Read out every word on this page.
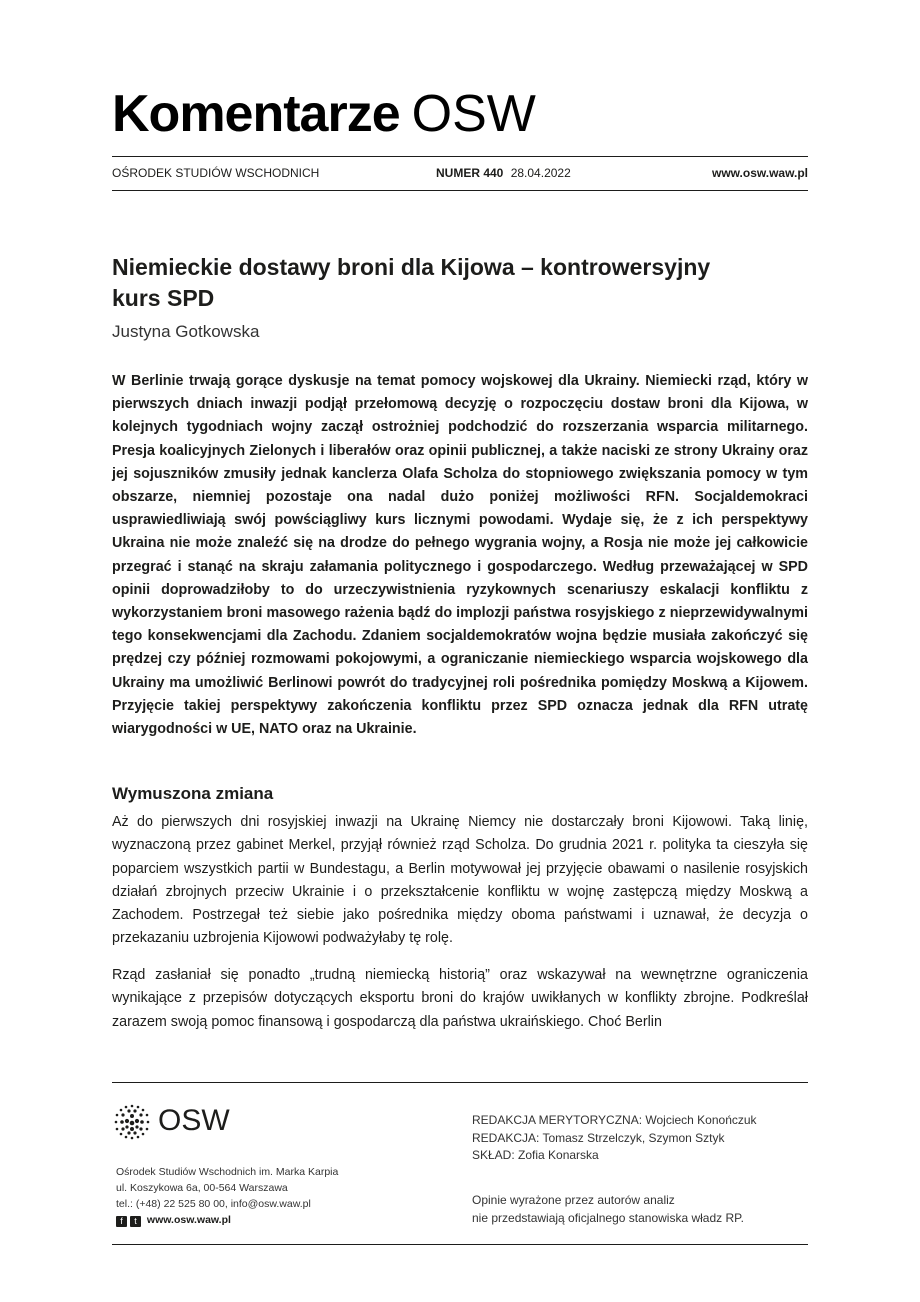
Komentarze OSW
OŚRODEK STUDIÓW WSCHODNICH	NUMER 440 28.04.2022	www.osw.waw.pl
Niemieckie dostawy broni dla Kijowa – kontrowersyjny kurs SPD
Justyna Gotkowska

W Berlinie trwają gorące dyskusje na temat pomocy wojskowej dla Ukrainy. Niemiecki rząd, który w pierwszych dniach inwazji podjął przełomową decyzję o rozpoczęciu dostaw broni dla Kijowa, w kolejnych tygodniach wojny zaczął ostrożniej podchodzić do rozszerzania wsparcia militarnego. Presja koalicyjnych Zielonych i liberałów oraz opinii publicznej, a także naciski ze strony Ukrainy oraz jej sojuszników zmusiły jednak kanclerza Olafa Scholza do stopniowego zwiększania pomocy w tym obszarze, niemniej pozostaje ona nadal dużo poniżej możliwości RFN. Socjaldemokraci usprawiedliwiają swój powściągliwy kurs licznymi powodami. Wydaje się, że z ich perspektywy Ukraina nie może znaleźć się na drodze do pełnego wygrania wojny, a Rosja nie może jej całkowicie przegrać i stanąć na skraju załamania politycznego i gospodarczego. Według przeważającej w SPD opinii doprowadziłoby to do urzeczywistnienia ryzykownych scenariuszy eskalacji konfliktu z wykorzystaniem broni masowego rażenia bądź do implozji państwa rosyjskiego z nieprzewidywalnymi tego konsekwencjami dla Zachodu. Zdaniem socjaldemokratów wojna będzie musiała zakończyć się prędzej czy później rozmowami pokojowymi, a ograniczanie niemieckiego wsparcia wojskowego dla Ukrainy ma umożliwić Berlinowi powrót do tradycyjnej roli pośrednika pomiędzy Moskwą a Kijowem. Przyjęcie takiej perspektywy zakończenia konfliktu przez SPD oznacza jednak dla RFN utratę wiarygodności w UE, NATO oraz na Ukrainie.

Wymuszona zmiana

Aż do pierwszych dni rosyjskiej inwazji na Ukrainę Niemcy nie dostarczały broni Kijowowi. Taką linię, wyznaczoną przez gabinet Merkel, przyjął również rząd Scholza. Do grudnia 2021 r. polityka ta cieszyła się poparciem wszystkich partii w Bundestagu, a Berlin motywował jej przyjęcie obawami o nasilenie rosyjskich działań zbrojnych przeciw Ukrainie i o przekształcenie konfliktu w wojnę zastępczą między Moskwą a Zachodem. Postrzegał też siebie jako pośrednika między oboma państwami i uznawał, że decyzja o przekazaniu uzbrojenia Kijowowi podważyłaby tę rolę.

Rząd zasłaniał się ponadto „trudną niemiecką historią” oraz wskazywał na wewnętrzne ograniczenia wynikające z przepisów dotyczących eksportu broni do krajów uwikłanych w konflikty zbrojne. Podkreślał zarazem swoją pomoc finansową i gospodarczą dla państwa ukraińskiego. Choć Berlin

OSW
Ośrodek Studiów Wschodnich im. Marka Karpia
ul. Koszykowa 6a, 00-564 Warszawa
tel.: (+48) 22 525 80 00, info@osw.waw.pl
f t www.osw.waw.pl
REDAKCJA MERYTORYCZNA: Wojciech Konończuk
REDAKCJA: Tomasz Strzelczyk, Szymon Sztyk
SKŁAD: Zofia Konarska
Opinie wyrażone przez autorów analiz
nie przedstawiają oficjalnego stanowiska władz RP.
